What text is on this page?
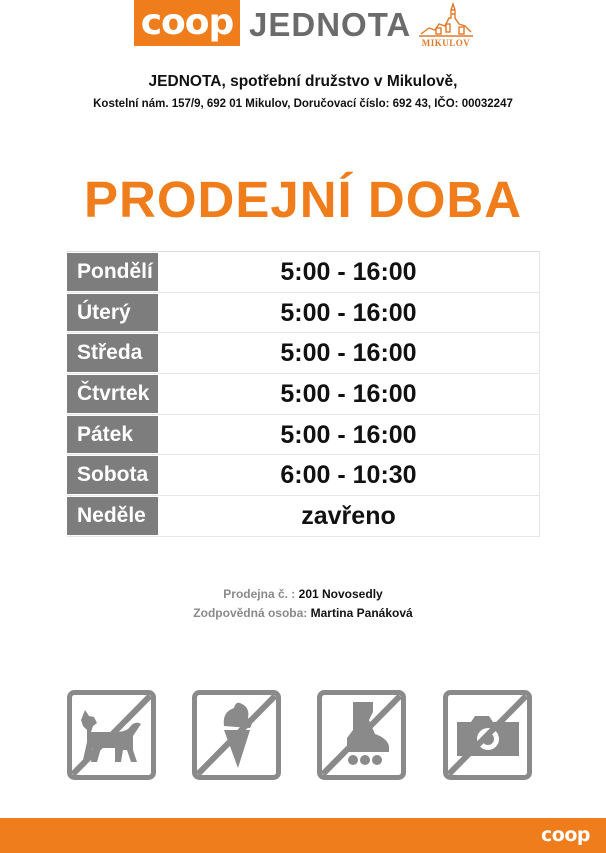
coop JEDNOTA	MIKULOV
JEDNOTA, spotřební družstvo v Mikulově,
Kostelní nám. 157/9, 692 01 Mikulov, Doručovací číslo: 692 43, IČO: 00032247
PRODEJNÍ DOBA
Pondělí	5:00 - 16:00
Úterý	5:00 - 16:00
Středa	5:00 - 16:00
Čtvrtek	5:00 - 16:00
Pátek	5:00 - 16:00
Sobota	6:00 - 10:30
Neděle	zavřeno
Prodejna č. : 201 Novosedly
Zodpovědná osoba: Martina Panáková
coop
